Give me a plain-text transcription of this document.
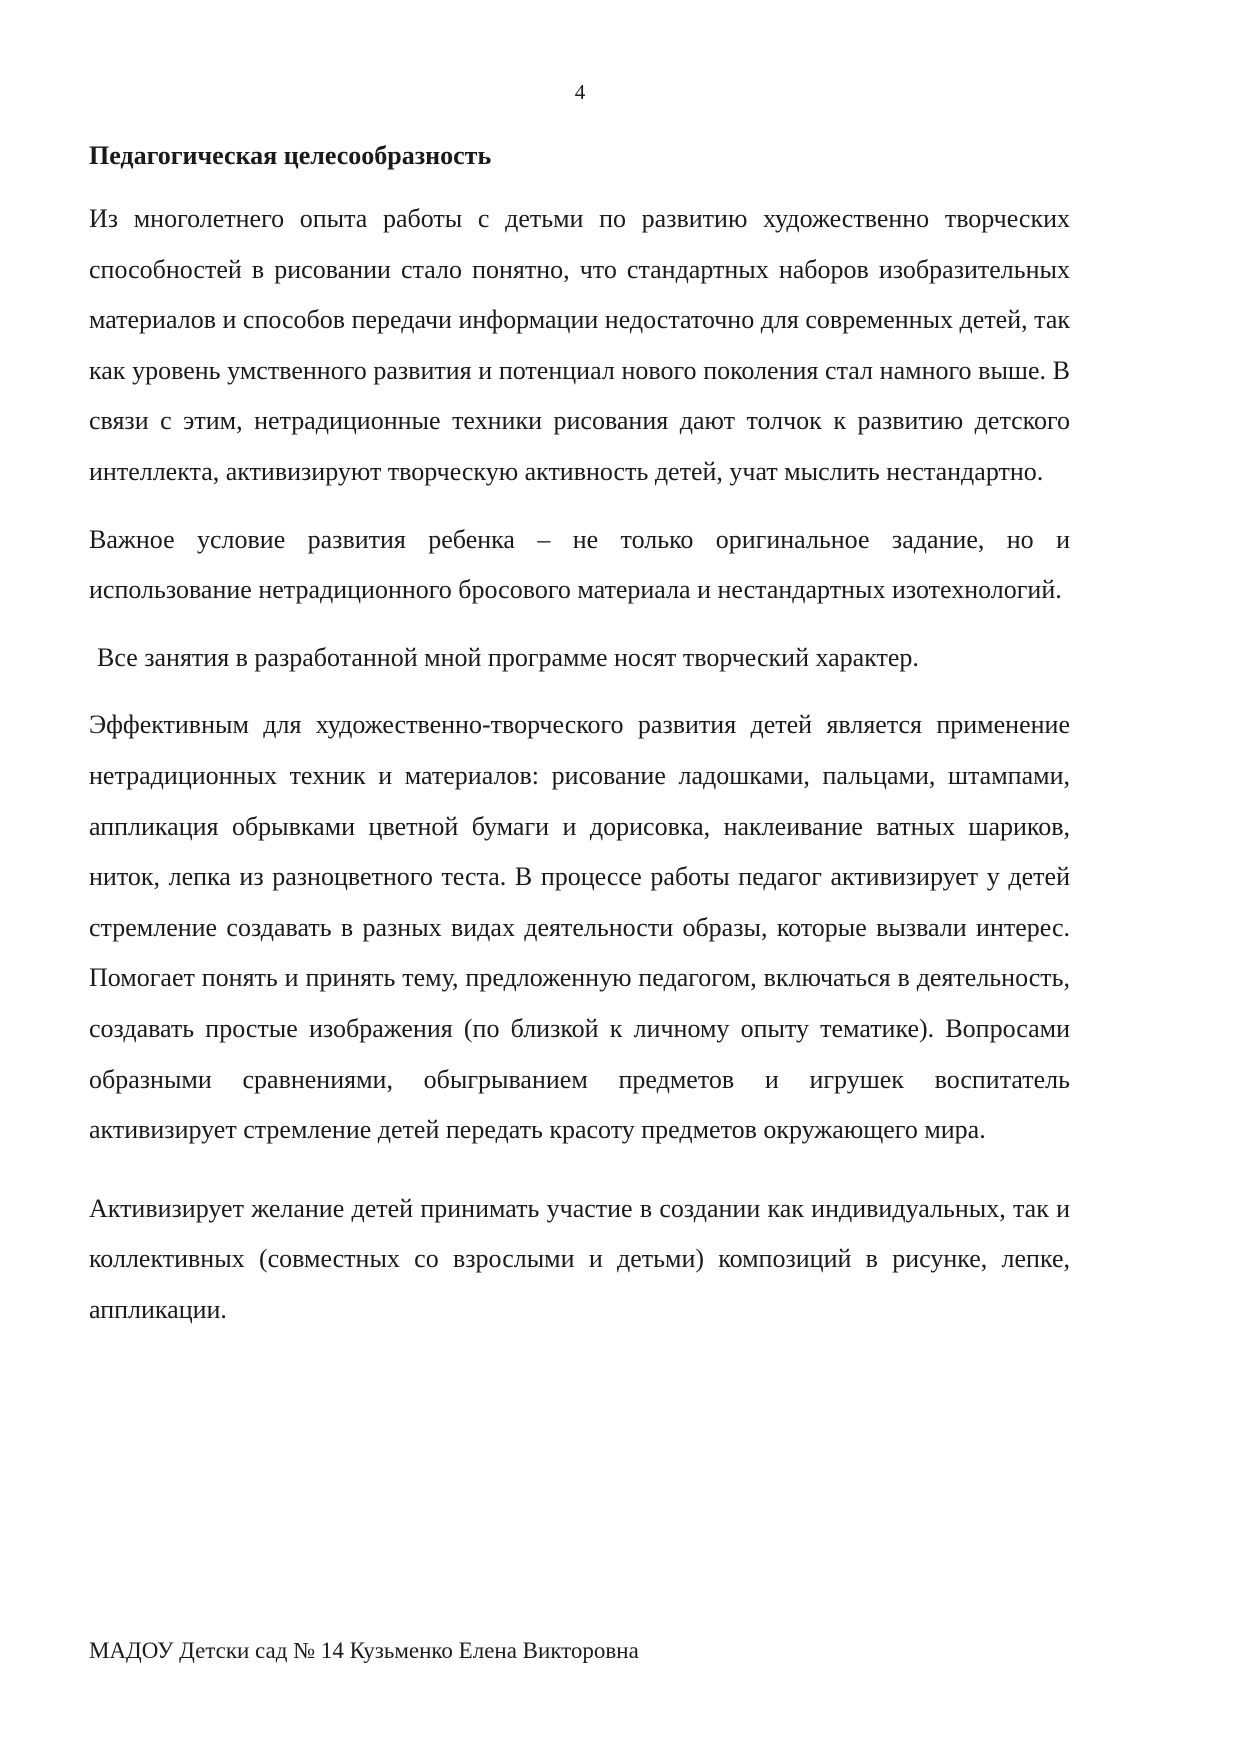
4
Педагогическая целесообразность

Из многолетнего опыта работы с детьми по развитию художественно творческих способностей в рисовании стало понятно, что стандартных наборов изобразительных материалов и способов передачи информации недостаточно для современных детей, так как уровень умственного развития и потенциал нового поколения стал намного выше. В связи с этим, нетрадиционные техники рисования дают толчок к развитию детского интеллекта, активизируют творческую активность детей, учат мыслить нестандартно.

Важное условие развития ребенка – не только оригинальное задание, но и использование нетрадиционного бросового материала и нестандартных изотехнологий.

Все занятия в разработанной мной программе носят творческий характер.

Эффективным для художественно-творческого развития детей является применение нетрадиционных техник и материалов: рисование ладошками, пальцами, штампами, аппликация обрывками цветной бумаги и дорисовка, наклеивание ватных шариков, ниток, лепка из разноцветного теста. В процессе работы педагог активизирует у детей стремление создавать в разных видах деятельности образы, которые вызвали интерес. Помогает понять и принять тему, предложенную педагогом, включаться в деятельность, создавать простые изображения (по близкой к личному опыту тематике). Вопросами образными сравнениями, обыгрыванием предметов и игрушек воспитатель активизирует стремление детей передать красоту предметов окружающего мира.

Активизирует желание детей принимать участие в создании как индивидуальных, так и коллективных (совместных со взрослыми и детьми) композиций в рисунке, лепке, аппликации.

МАДОУ Детски сад № 14 Кузьменко Елена Викторовна
